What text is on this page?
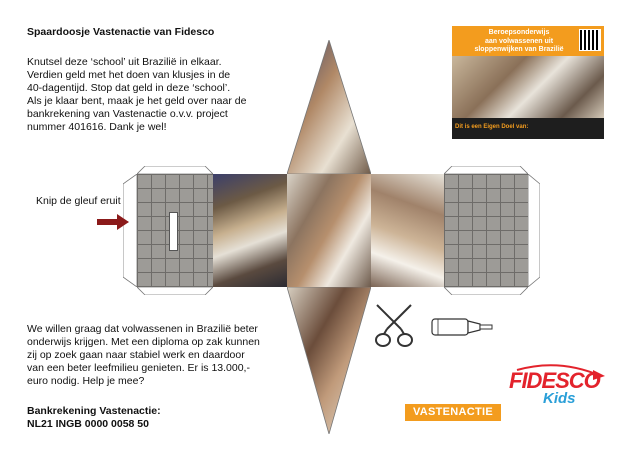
Spaardoosje Vastenactie van Fidesco
Knutsel deze ‘school’ uit Brazilië in elkaar.
Verdien geld met het doen van klusjes in de
40-dagentijd. Stop dat geld in deze ‘school’.
Als je klaar bent, maak je het geld over naar de
bankrekening van Vastenactie o.v.v. project
nummer 401616. Dank je wel!
Beroepsonderwijs
aan volwassenen uit
sloppenwijken van Brazilië
Dit is een Eigen Doel van:
Knip de gleuf eruit
We willen graag dat volwassenen in Brazilië beter
onderwijs krijgen. Met een diploma op zak kunnen
zij op zoek gaan naar stabiel werk en daardoor
van een beter leefmilieu genieten. Er is 13.000,-
euro nodig. Help je mee?
Bankrekening Vastenactie:
NL21 INGB 0000 0058 50
VASTENACTIE
FIDESCO
Kids
